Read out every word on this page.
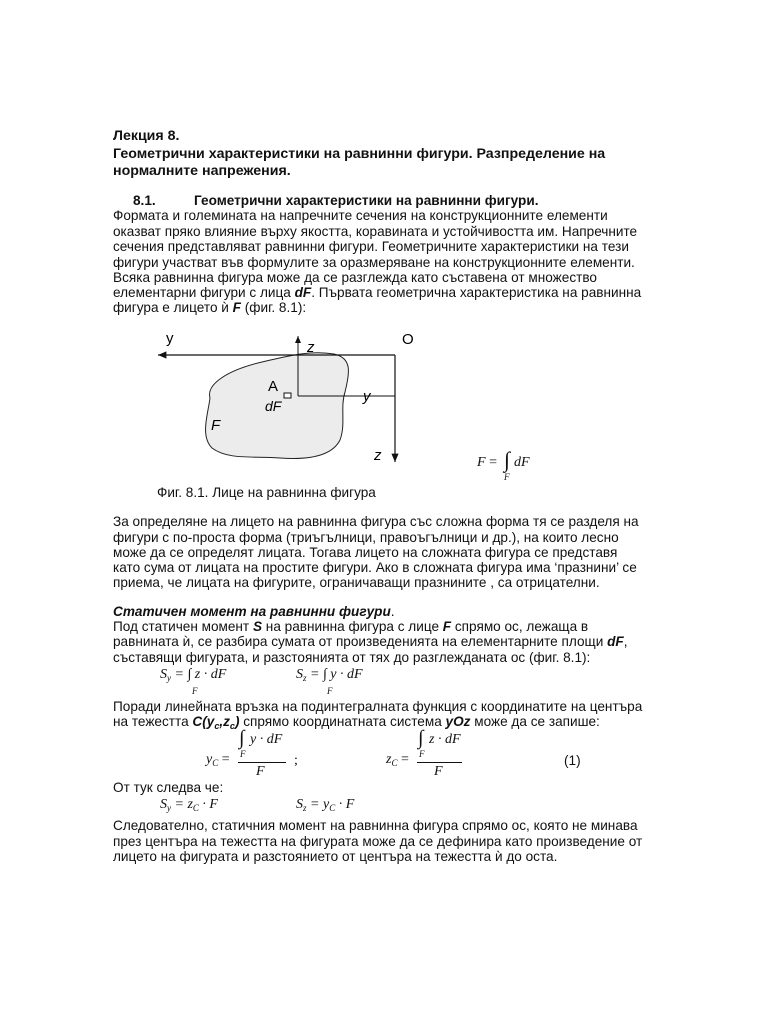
Лекция 8.
Геометрични характеристики на равнинни фигури. Разпределение на
нормалните напрежения.
8.1.	Геометрични характеристики на равнинни фигури.
Формата и големината на напречните сечения на конструкционните елементи
оказват пряко влияние върху якостта, коравината и устойчивостта им. Напречните
сечения представляват равнинни фигури. Геометричните характеристики на тези
фигури участват във формулите за оразмеряване на конструкционните елементи.
Всяка равнинна фигура може да се разглежда като съставена от множество
елементарни фигури с лица dF. Първата геометрична характеристика на равнинна
фигура е лицето ѝ F (фиг. 8.1):
y
z	O
A
dF
y
F
z	F = ∫ dF
F
Фиг. 8.1. Лице на равнинна фигура
За определяне на лицето на равнинна фигура със сложна форма тя се разделя на
фигури с по-проста форма (триъгълници, правоъгълници и др.), на които лесно
може да се определят лицата. Тогава лицето на сложната фигура се представя
като сума от лицата на простите фигури. Ако в сложната фигура има ‘празнини’ се
приема, че лицата на фигурите, ограничаващи празнините , са отрицателни.
Статичен момент на равнинни фигури.
Под статичен момент S на равнинна фигура с лице F спрямо ос, лежаща в
равнината ѝ, се разбира сумата от произведенията на елементарните площи dF,
съставящи фигурата, и разстоянията от тях до разглежданата ос (фиг. 8.1):
$S_y$ = ∫ z · dF
F
$S_z$ = ∫ y · dF
F
Поради линейната връзка на подинтегралната функция с координатите на центъра
на тежестта $C(y_c,z_c)$ спрямо координатната система yOz може да се запише:
∫ y · dF
F
$y_C$ =
F
;
∫ z · dF
F
$z_C$ =
F
(1)
От тук следва че:
$S_y = z_C \cdot F$	$S_z = y_C \cdot F$
Следователно, статичния момент на равнинна фигура спрямо ос, която не минава
през центъра на тежестта на фигурата може да се дефинира като произведение от
лицето на фигурата и разстоянието от центъра на тежестта ѝ до оста.
